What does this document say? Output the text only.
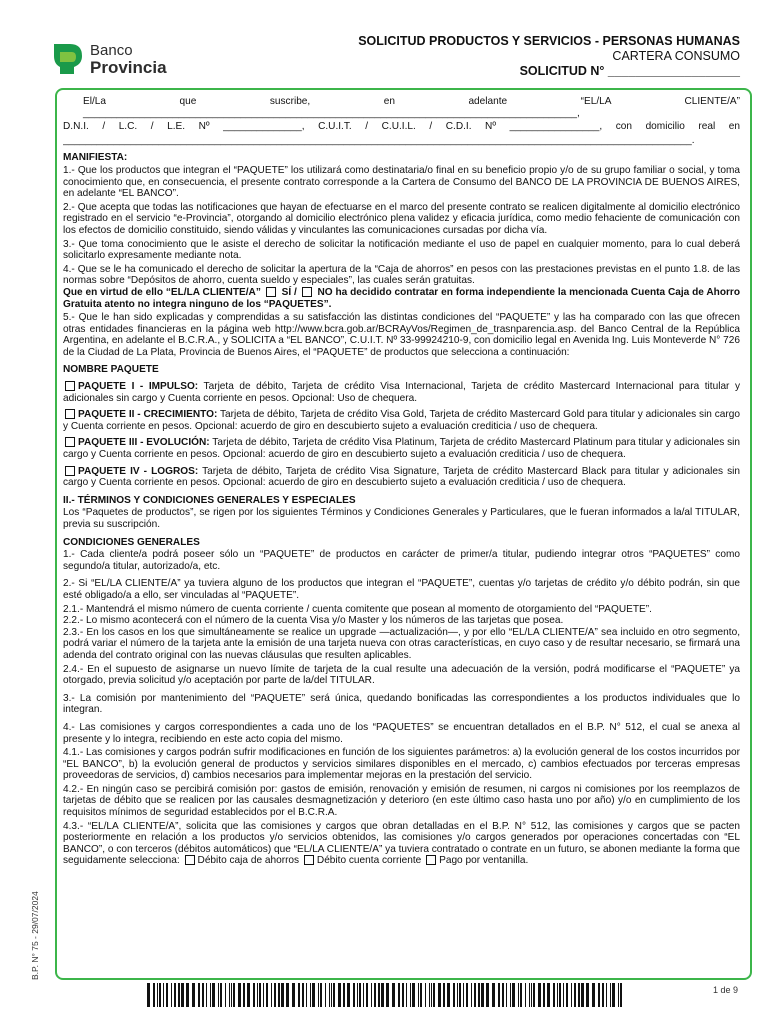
Banco
Provincia
SOLICITUD PRODUCTOS Y SERVICIOS - PERSONAS HUMANAS
CARTERA CONSUMO
SOLICITUD N° ___________________

El/La que suscribe, en adelante “EL/LA CLIENTE/A” ________________________________________________________________________________________,

D.N.I. / L.C. / L.E. Nº ______________, C.U.I.T. / C.U.I.L. / C.D.I. Nº ________________, con domicilio real en

________________________________________________________________________________________________________________.

MANIFIESTA:

1.- Que los productos que integran el “PAQUETE” los utilizará como destinataria/o final en su beneficio propio y/o de su grupo familiar o social, y toma conocimiento que, en consecuencia, el presente contrato corresponde a la Cartera de Consumo del BANCO DE LA PROVINCIA DE BUENOS AIRES, en adelante “EL BANCO”.

2.- Que acepta que todas las notificaciones que hayan de efectuarse en el marco del presente contrato se realicen digitalmente al domicilio electrónico registrado en el servicio “e-Provincia”, otorgando al domicilio electrónico plena validez y eficacia jurídica, como medio fehaciente de comunicación con los efectos de domicilio constituido, siendo válidas y vinculantes las comunicaciones cursadas por dicha vía.

3.- Que toma conocimiento que le asiste el derecho de solicitar la notificación mediante el uso de papel en cualquier momento, para lo cual deberá solicitarlo expresamente mediante nota.

4.- Que se le ha comunicado el derecho de solicitar la apertura de la “Caja de ahorros” en pesos con las prestaciones previstas en el punto 1.8. de las normas sobre “Depósitos de ahorro, cuenta sueldo y especiales”, las cuales serán gratuitas.

Que en virtud de ello “EL/LA CLIENTE/A” SÍ / NO ha decidido contratar en forma independiente la mencionada Cuenta Caja de Ahorro Gratuita atento no integra ninguno de los “PAQUETES”.

5.- Que le han sido explicadas y comprendidas a su satisfacción las distintas condiciones del “PAQUETE” y las ha comparado con las que ofrecen otras entidades financieras en la página web http://www.bcra.gob.ar/BCRAyVos/Regimen_de_trasnparencia.asp. del Banco Central de la República Argentina, en adelante el B.C.R.A., y SOLICITA a “EL BANCO”, C.U.I.T. Nº 33-99924210-9, con domicilio legal en Avenida Ing. Luis Monteverde N° 726 de la Ciudad de La Plata, Provincia de Buenos Aires, el “PAQUETE” de productos que selecciona a continuación:

NOMBRE PAQUETE

PAQUETE I - IMPULSO: Tarjeta de débito, Tarjeta de crédito Visa Internacional, Tarjeta de crédito Mastercard Internacional para titular y adicionales sin cargo y Cuenta corriente en pesos. Opcional: Uso de chequera.

PAQUETE II - CRECIMIENTO: Tarjeta de débito, Tarjeta de crédito Visa Gold, Tarjeta de crédito Mastercard Gold para titular y adicionales sin cargo y Cuenta corriente en pesos. Opcional: acuerdo de giro en descubierto sujeto a evaluación crediticia / uso de chequera.

PAQUETE III - EVOLUCIÓN: Tarjeta de débito, Tarjeta de crédito Visa Platinum, Tarjeta de crédito Mastercard Platinum para titular y adicionales sin cargo y Cuenta corriente en pesos. Opcional: acuerdo de giro en descubierto sujeto a evaluación crediticia / uso de chequera.

PAQUETE IV - LOGROS: Tarjeta de débito, Tarjeta de crédito Visa Signature, Tarjeta de crédito Mastercard Black para titular y adicionales sin cargo y Cuenta corriente en pesos. Opcional: acuerdo de giro en descubierto sujeto a evaluación crediticia / uso de chequera.

II.- TÉRMINOS Y CONDICIONES GENERALES Y ESPECIALES

Los “Paquetes de productos”, se rigen por los siguientes Términos y Condiciones Generales y Particulares, que le fueran informados a la/al TITULAR, previa su suscripción.

CONDICIONES GENERALES

1.- Cada cliente/a podrá poseer sólo un “PAQUETE” de productos en carácter de primer/a titular, pudiendo integrar otros “PAQUETES” como segundo/a titular, autorizado/a, etc.

2.- Si “EL/LA CLIENTE/A” ya tuviera alguno de los productos que integran el “PAQUETE”, cuentas y/o tarjetas de crédito y/o débito podrán, sin que esté obligado/a a ello, ser vinculadas al “PAQUETE”.

2.1.- Mantendrá el mismo número de cuenta corriente / cuenta comitente que posean al momento de otorgamiento del “PAQUETE”.

2.2.- Lo mismo acontecerá con el número de la cuenta Visa y/o Master y los números de las tarjetas que posea.

2.3.- En los casos en los que simultáneamente se realice un upgrade —actualización—, y por ello “EL/LA CLIENTE/A” sea incluido en otro segmento, podrá variar el número de la tarjeta ante la emisión de una tarjeta nueva con otras características, en cuyo caso y de resultar necesario, se firmará una adenda del contrato original con las nuevas cláusulas que resulten aplicables.

2.4.- En el supuesto de asignarse un nuevo límite de tarjeta de la cual resulte una adecuación de la versión, podrá modificarse el “PAQUETE” ya otorgado, previa solicitud y/o aceptación por parte de la/del TITULAR.

3.- La comisión por mantenimiento del “PAQUETE” será única, quedando bonificadas las correspondientes a los productos individuales que lo integran.

4.- Las comisiones y cargos correspondientes a cada uno de los “PAQUETES” se encuentran detallados en el B.P. N° 512, el cual se anexa al presente y lo integra, recibiendo en este acto copia del mismo.

4.1.- Las comisiones y cargos podrán sufrir modificaciones en función de los siguientes parámetros: a) la evolución general de los costos incurridos por “EL BANCO”, b) la evolución general de productos y servicios similares disponibles en el mercado, c) cambios efectuados por terceras empresas proveedoras de servicios, d) cambios necesarios para implementar mejoras en la prestación del servicio.

4.2.- En ningún caso se percibirá comisión por: gastos de emisión, renovación y emisión de resumen, ni cargos ni comisiones por los reemplazos de tarjetas de débito que se realicen por las causales desmagnetización y deterioro (en este último caso hasta uno por año) y/o en cumplimiento de los requisitos mínimos de seguridad establecidos por el B.C.R.A.

4.3.- “EL/LA CLIENTE/A”, solicita que las comisiones y cargos que obran detalladas en el B.P. N° 512, las comisiones y cargos que se pacten posteriormente en relación a los productos y/o servicios obtenidos, las comisiones y/o cargos generados por operaciones concertadas con “EL BANCO”, o con terceros (débitos automáticos) que “EL/LA CLIENTE/A” ya tuviera contratado o contrate en un futuro, se abonen mediante la forma que seguidamente selecciona: Débito caja de ahorros Débito cuenta corriente Pago por ventanilla.

B.P. N° 75 - 29/07/2024
1 de 9
